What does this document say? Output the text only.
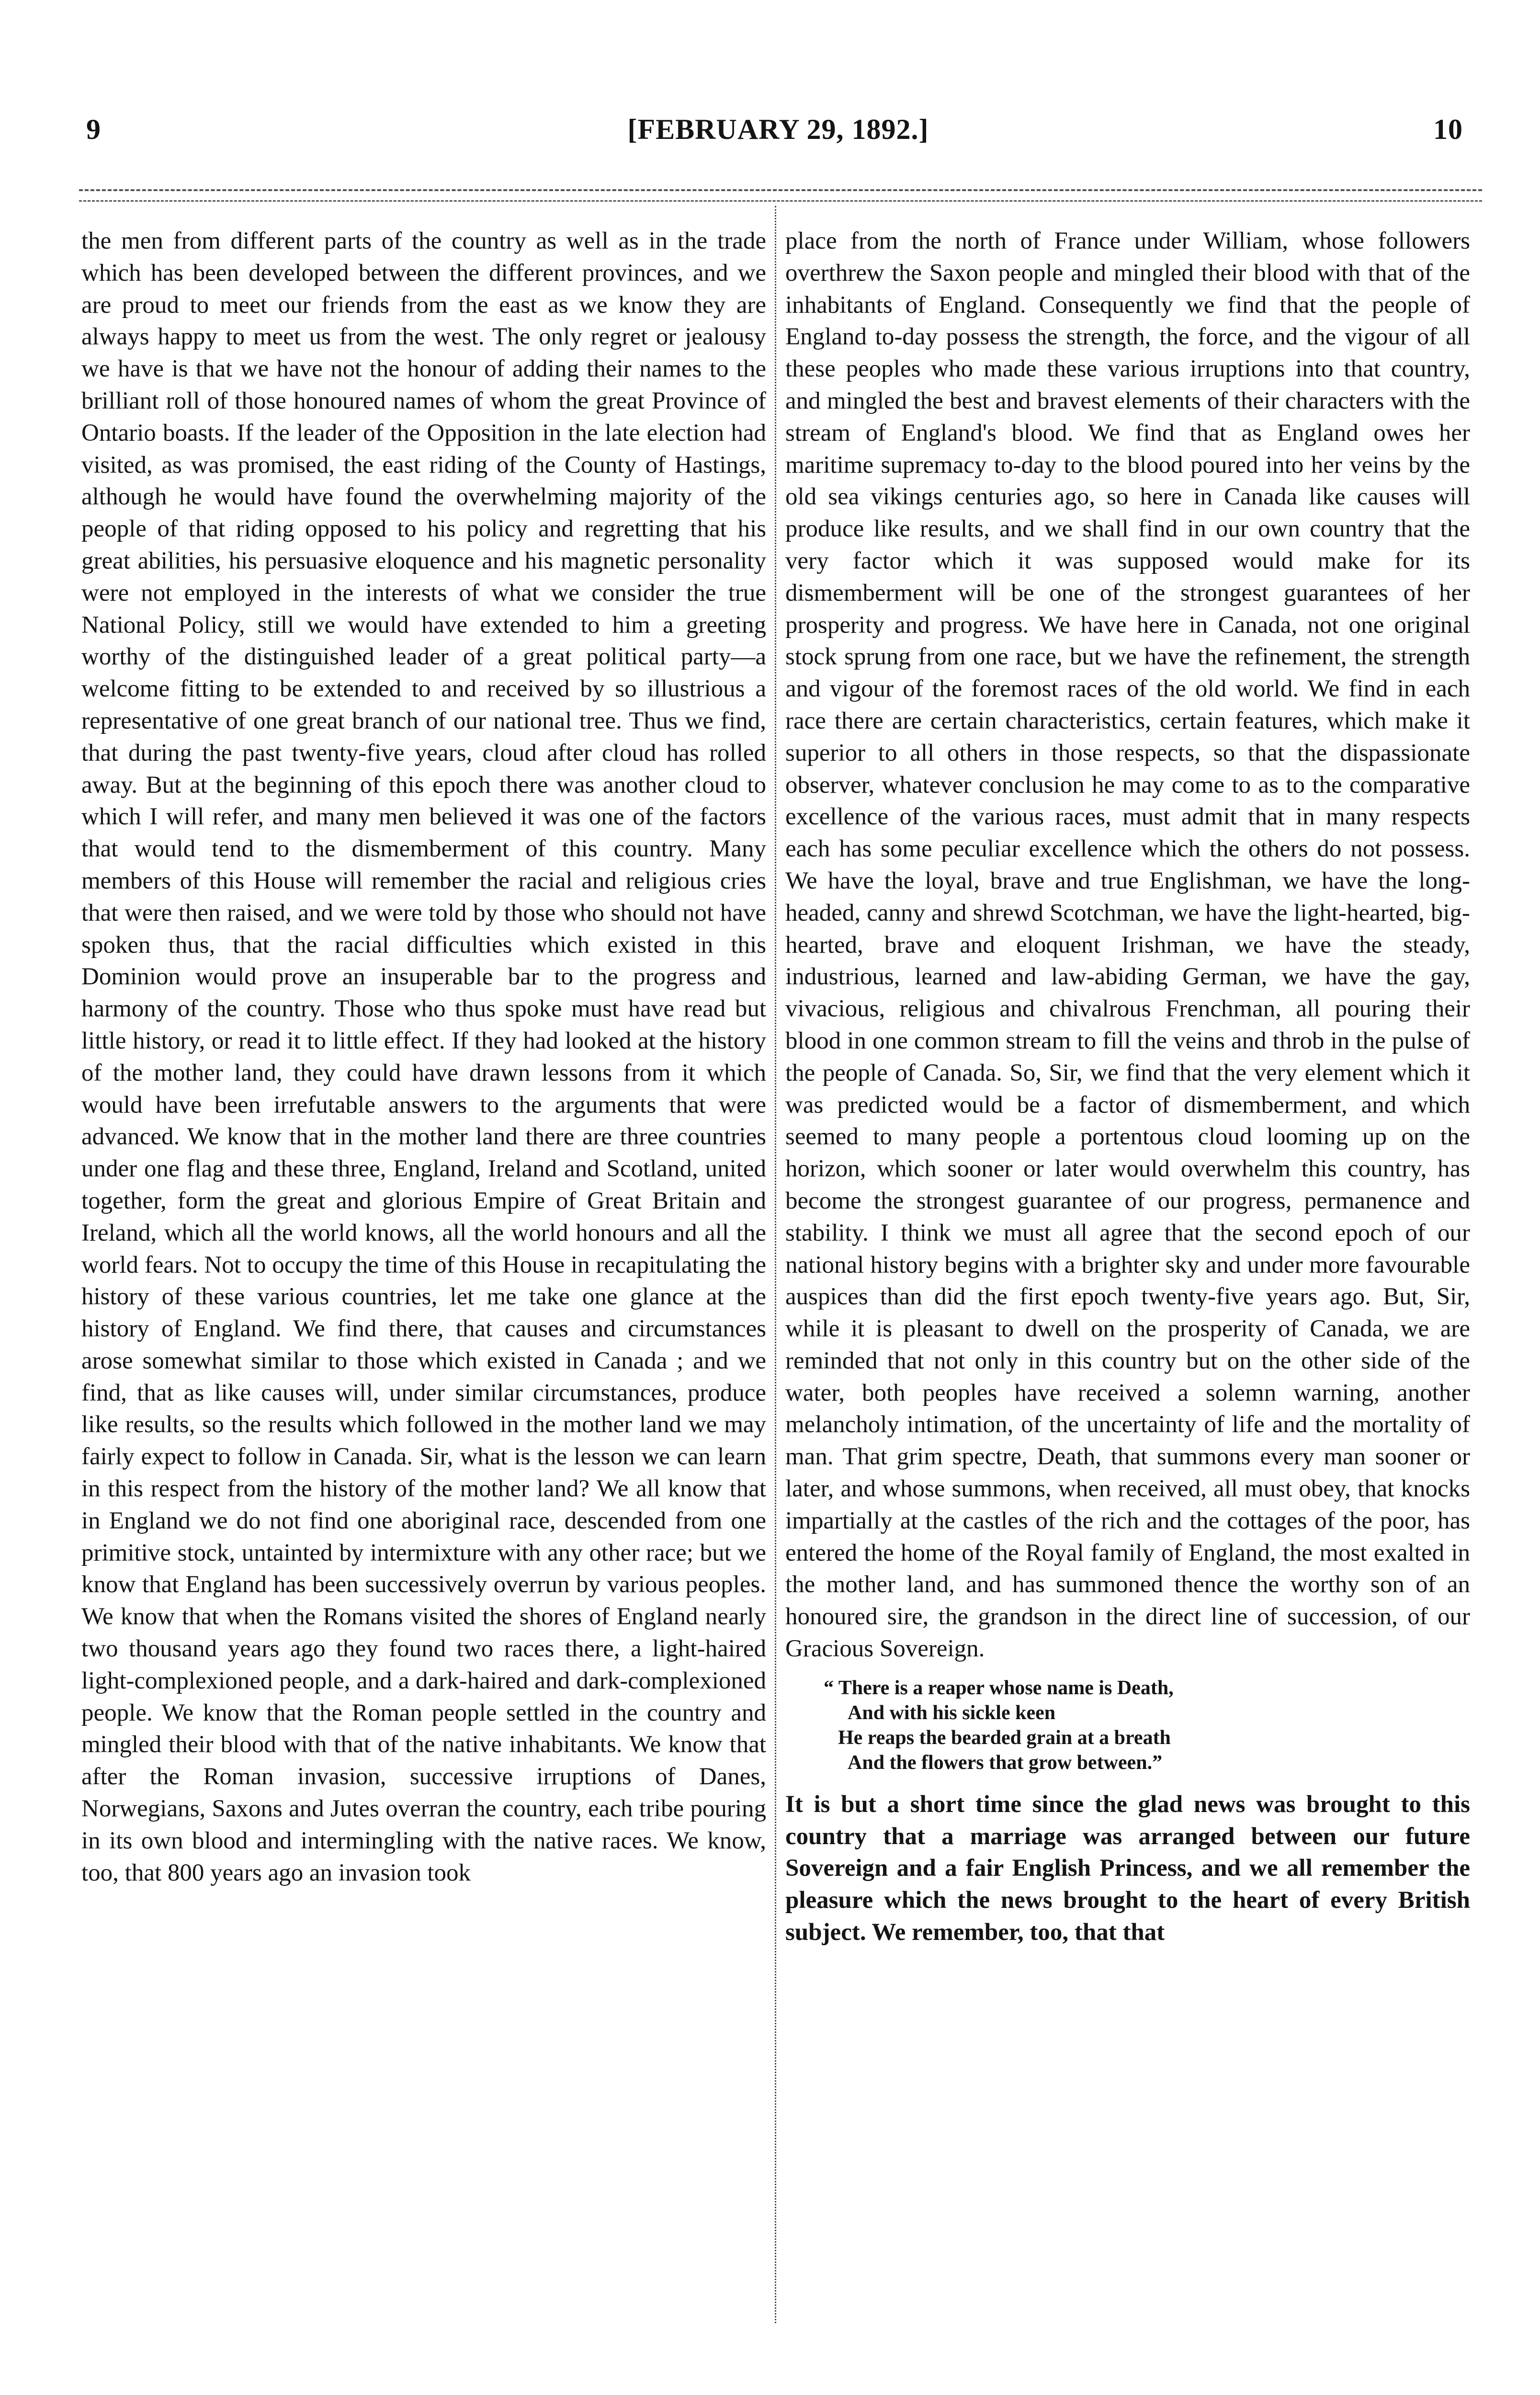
9	[FEBRUARY 29, 1892.]	10

the men from different parts of the country as well as in the trade which has been developed between the different provinces, and we are proud to meet our friends from the east as we know they are always happy to meet us from the west. The only regret or jealousy we have is that we have not the honour of adding their names to the brilliant roll of those honoured names of whom the great Province of Ontario boasts. If the leader of the Opposition in the late election had visited, as was promised, the east riding of the County of Hastings, although he would have found the overwhelming majority of the people of that riding opposed to his policy and regretting that his great abilities, his persuasive eloquence and his magnetic personality were not employed in the interests of what we consider the true National Policy, still we would have extended to him a greeting worthy of the distinguished leader of a great political party—a welcome fitting to be extended to and received by so illustrious a representative of one great branch of our national tree. Thus we find, that during the past twenty-five years, cloud after cloud has rolled away. But at the beginning of this epoch there was another cloud to which I will refer, and many men believed it was one of the factors that would tend to the dismemberment of this country. Many members of this House will remember the racial and religious cries that were then raised, and we were told by those who should not have spoken thus, that the racial difficulties which existed in this Dominion would prove an insuperable bar to the progress and harmony of the country. Those who thus spoke must have read but little history, or read it to little effect. If they had looked at the history of the mother land, they could have drawn lessons from it which would have been irrefutable answers to the arguments that were advanced. We know that in the mother land there are three countries under one flag and these three, England, Ireland and Scotland, united together, form the great and glorious Empire of Great Britain and Ireland, which all the world knows, all the world honours and all the world fears. Not to occupy the time of this House in recapitulating the history of these various countries, let me take one glance at the history of England. We find there, that causes and circumstances arose somewhat similar to those which existed in Canada ; and we find, that as like causes will, under similar circumstances, produce like results, so the results which followed in the mother land we may fairly expect to follow in Canada. Sir, what is the lesson we can learn in this respect from the history of the mother land? We all know that in England we do not find one aboriginal race, descended from one primitive stock, untainted by intermixture with any other race; but we know that England has been successively overrun by various peoples. We know that when the Romans visited the shores of England nearly two thousand years ago they found two races there, a light-haired light-complexioned people, and a dark-haired and dark-complexioned people. We know that the Roman people settled in the country and mingled their blood with that of the native inhabitants. We know that after the Roman invasion, successive irruptions of Danes, Norwegians, Saxons and Jutes overran the country, each tribe pouring in its own blood and intermingling with the native races. We know, too, that 800 years ago an invasion took

place from the north of France under William, whose followers overthrew the Saxon people and mingled their blood with that of the inhabitants of England. Consequently we find that the people of England to-day possess the strength, the force, and the vigour of all these peoples who made these various irruptions into that country, and mingled the best and bravest elements of their characters with the stream of England's blood. We find that as England owes her maritime supremacy to-day to the blood poured into her veins by the old sea vikings centuries ago, so here in Canada like causes will produce like results, and we shall find in our own country that the very factor which it was supposed would make for its dismemberment will be one of the strongest guarantees of her prosperity and progress. We have here in Canada, not one original stock sprung from one race, but we have the refinement, the strength and vigour of the foremost races of the old world. We find in each race there are certain characteristics, certain features, which make it superior to all others in those respects, so that the dispassionate observer, whatever conclusion he may come to as to the comparative excellence of the various races, must admit that in many respects each has some peculiar excellence which the others do not possess. We have the loyal, brave and true Englishman, we have the long-headed, canny and shrewd Scotchman, we have the light-hearted, big-hearted, brave and eloquent Irishman, we have the steady, industrious, learned and law-abiding German, we have the gay, vivacious, religious and chivalrous Frenchman, all pouring their blood in one common stream to fill the veins and throb in the pulse of the people of Canada. So, Sir, we find that the very element which it was predicted would be a factor of dismemberment, and which seemed to many people a portentous cloud looming up on the horizon, which sooner or later would overwhelm this country, has become the strongest guarantee of our progress, permanence and stability. I think we must all agree that the second epoch of our national history begins with a brighter sky and under more favourable auspices than did the first epoch twenty-five years ago. But, Sir, while it is pleasant to dwell on the prosperity of Canada, we are reminded that not only in this country but on the other side of the water, both peoples have received a solemn warning, another melancholy intimation, of the uncertainty of life and the mortality of man. That grim spectre, Death, that summons every man sooner or later, and whose summons, when received, all must obey, that knocks impartially at the castles of the rich and the cottages of the poor, has entered the home of the Royal family of England, the most exalted in the mother land, and has summoned thence the worthy son of an honoured sire, the grandson in the direct line of succession, of our Gracious Sovereign.

“ There is a reaper whose name is Death,
And with his sickle keen
He reaps the bearded grain at a breath
And the flowers that grow between.”

It is but a short time since the glad news was brought to this country that a marriage was arranged between our future Sovereign and a fair English Princess, and we all remember the pleasure which the news brought to the heart of every British subject. We remember, too, that that
